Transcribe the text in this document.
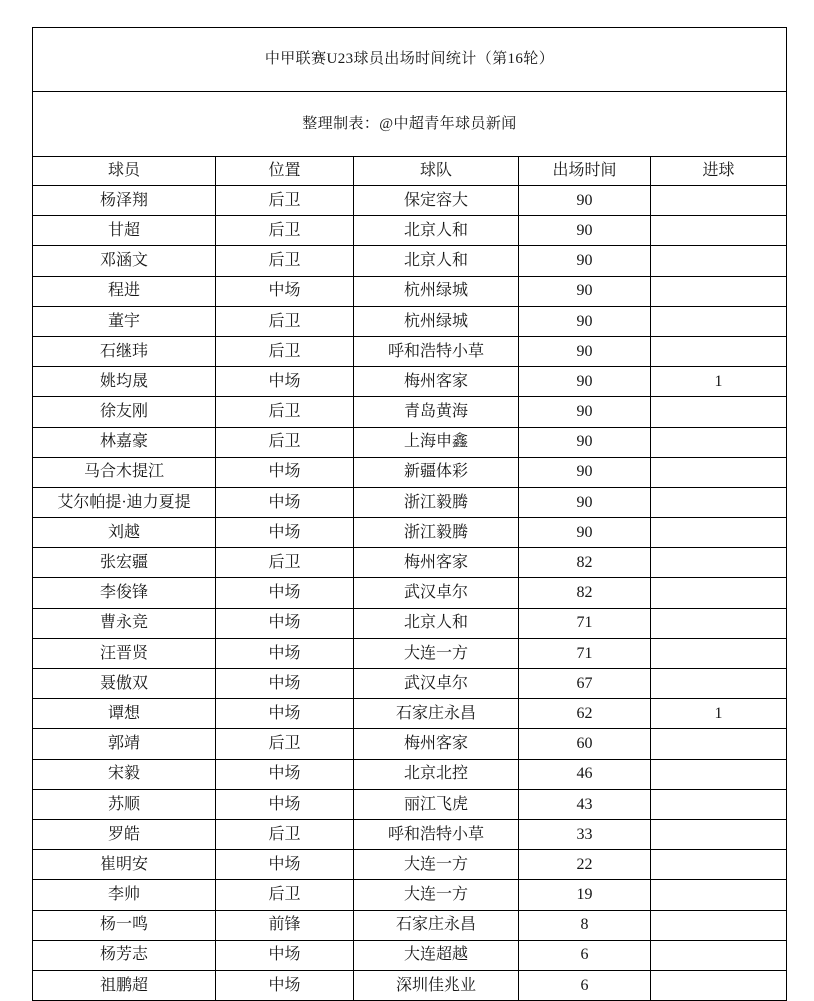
中甲联赛U23球员出场时间统计（第16轮）				
整理制表：@中超青年球员新闻				
球员	位置	球队	出场时间	进球
杨泽翔	后卫	保定容大	90	
甘超	后卫	北京人和	90	
邓涵文	后卫	北京人和	90	
程进	中场	杭州绿城	90	
董宇	后卫	杭州绿城	90	
石继玮	后卫	呼和浩特小草	90	
姚均晟	中场	梅州客家	90	1
徐友刚	后卫	青岛黄海	90	
林嘉豪	后卫	上海申鑫	90	
马合木提江	中场	新疆体彩	90	
艾尔帕提·迪力夏提	中场	浙江毅腾	90	
刘越	中场	浙江毅腾	90	
张宏疆	后卫	梅州客家	82	
李俊锋	中场	武汉卓尔	82	
曹永竞	中场	北京人和	71	
汪晋贤	中场	大连一方	71	
聂傲双	中场	武汉卓尔	67	
谭想	中场	石家庄永昌	62	1
郭靖	后卫	梅州客家	60	
宋毅	中场	北京北控	46	
苏顺	中场	丽江飞虎	43	
罗皓	后卫	呼和浩特小草	33	
崔明安	中场	大连一方	22	
李帅	后卫	大连一方	19	
杨一鸣	前锋	石家庄永昌	8	
杨芳志	中场	大连超越	6	
祖鹏超	中场	深圳佳兆业	6	
